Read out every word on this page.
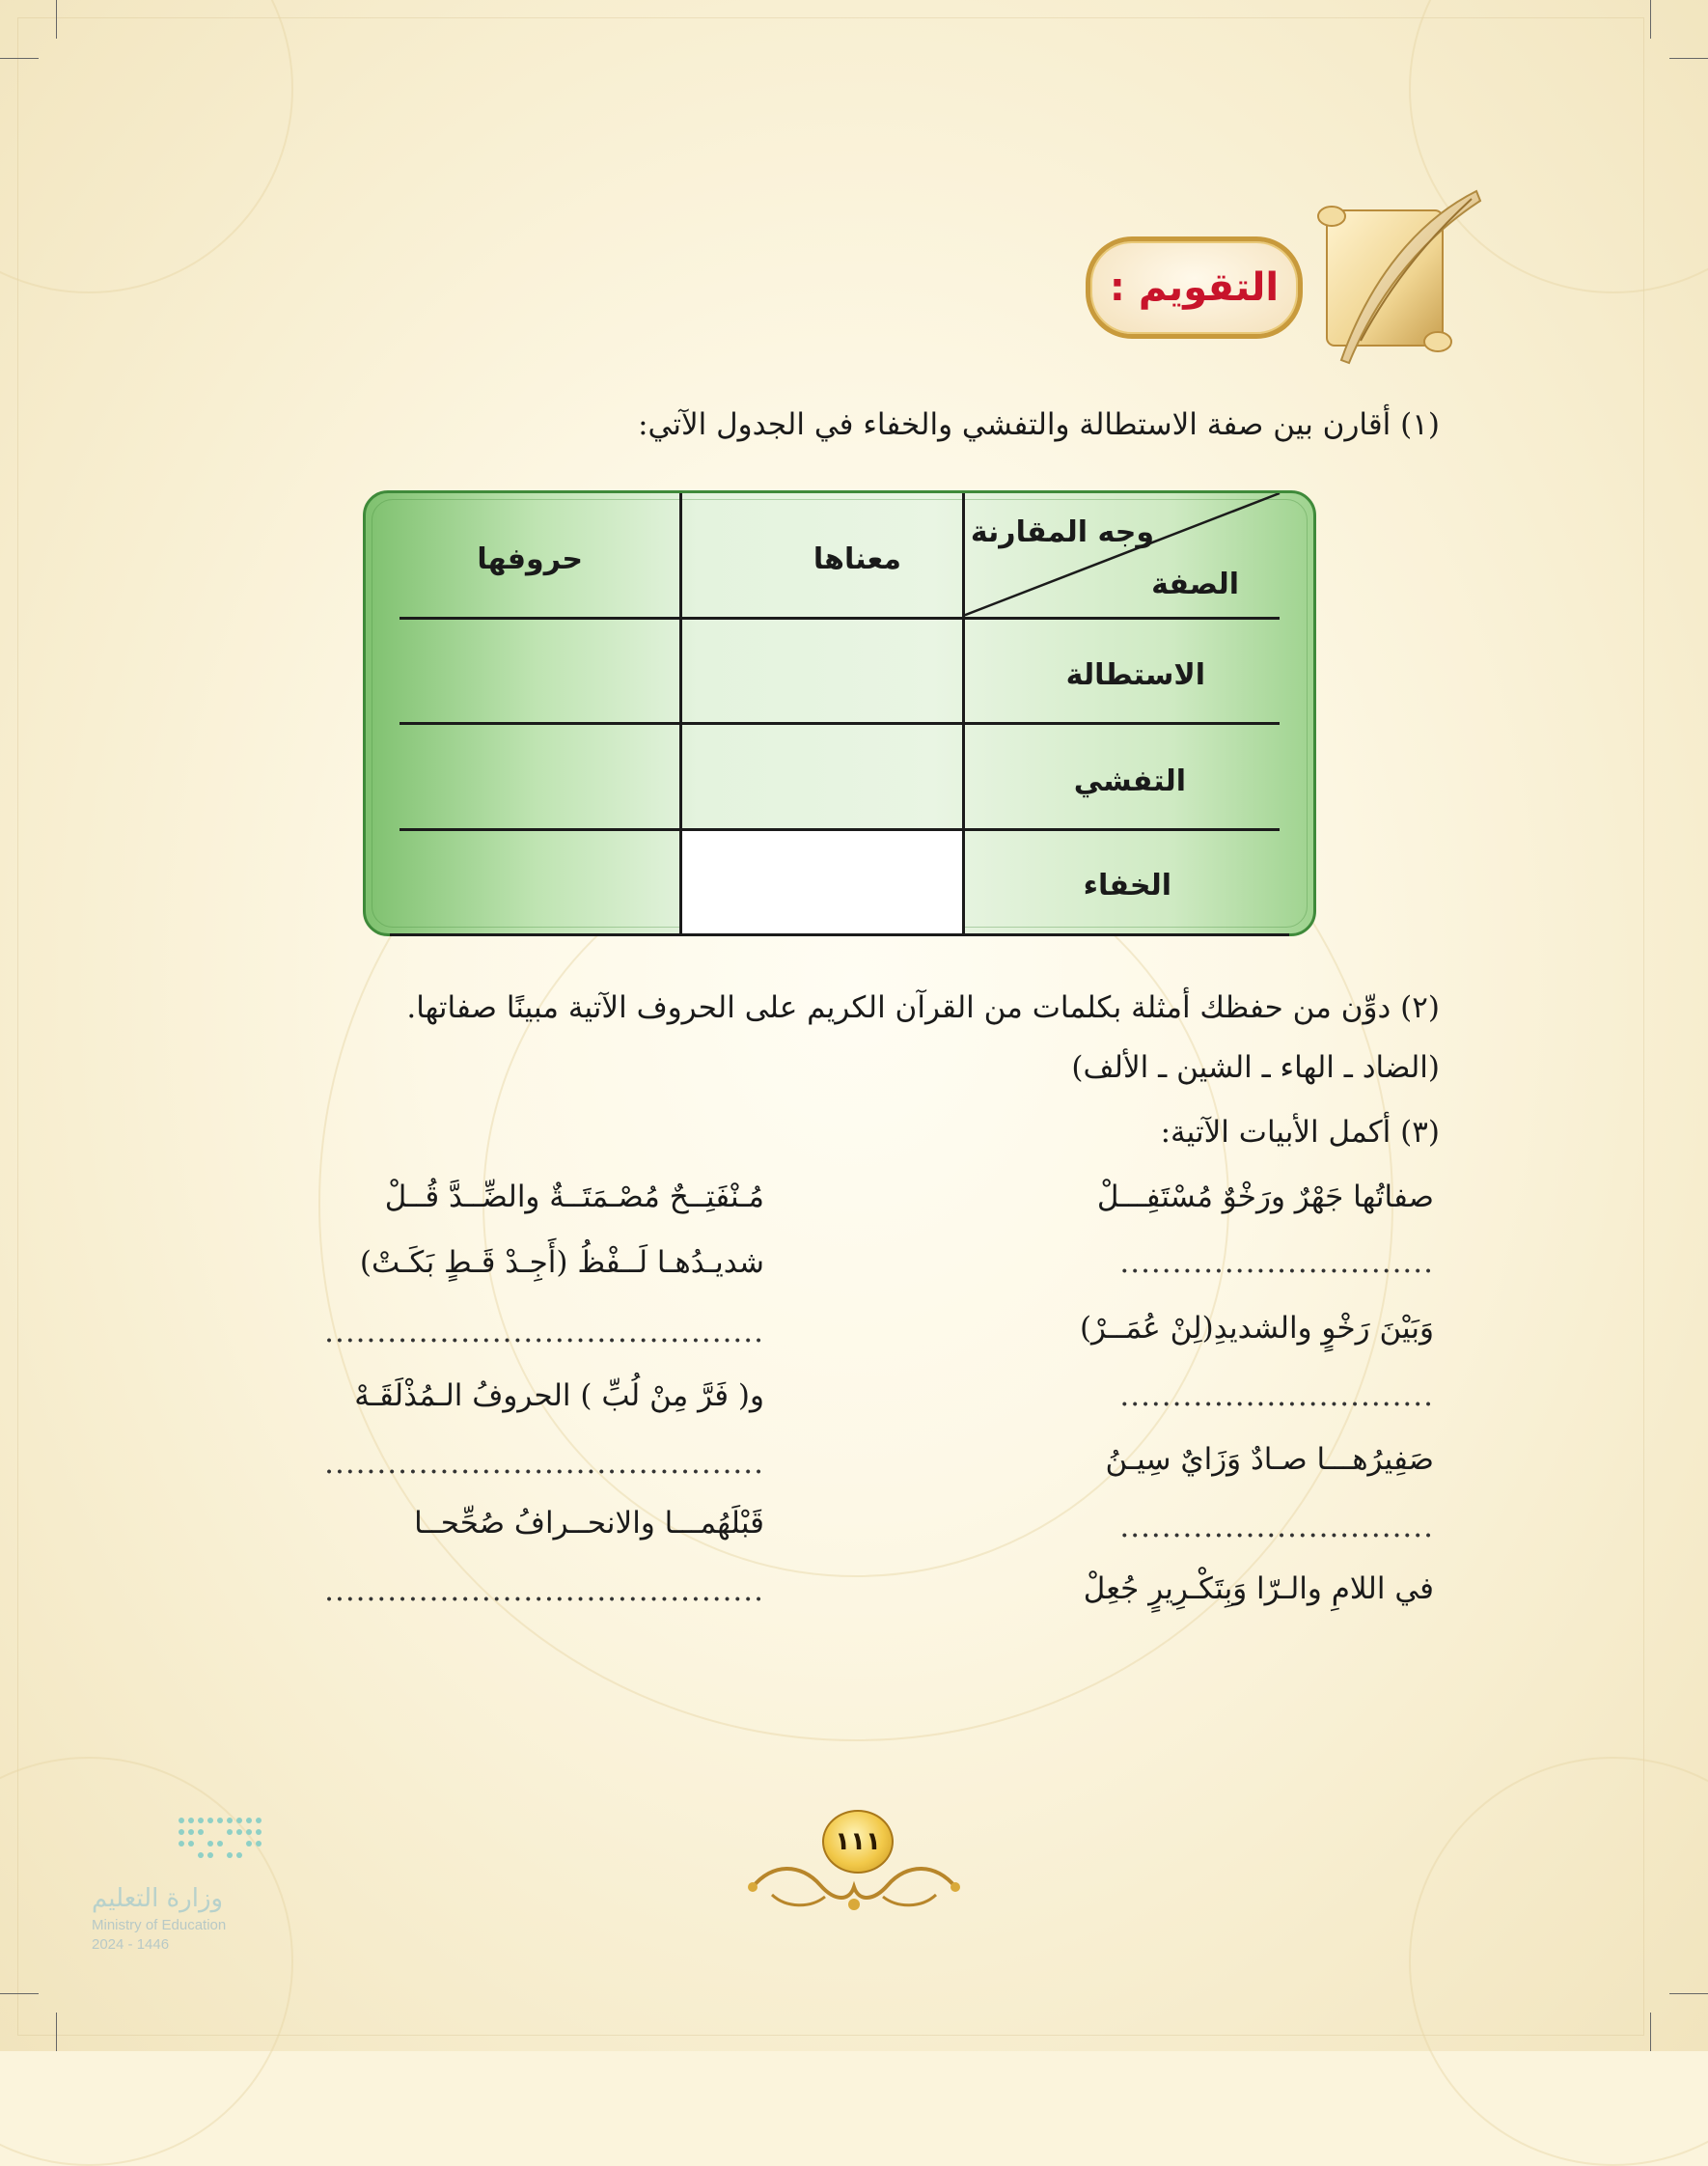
التقويم :
(١) أقارن بين صفة الاستطالة والتفشي والخفاء في الجدول الآتي:
وجه المقارنة
الصفة
معناها
حروفها
الاستطالة
التفشي
الخفاء
(٢) دوِّن من حفظك أمثلة بكلمات من القرآن الكريم على الحروف الآتية مبينًا صفاتها.
(الضاد ـ الهاء ـ الشين ـ الألف)
(٣) أكمل الأبيات الآتية:
صفاتُها جَهْرٌ ورَخْوٌ مُسْتَفِـــلْ
..............................
وَبَيْنَ رَخْوٍ والشديدِ(لِنْ عُمَــرْ)
..............................
صَفِيرُهـــا صـادٌ وَزَايٌ سِيـنُ
..............................
في اللامِ والـرّا وَبِتَكْـرِيرٍ جُعِلْ
مُـنْفَتِــحٌ مُصْـمَتَــةٌ والضِّــدَّ قُــلْ
شديـدُهـا لَــفْظُ (أَجِـدْ قَـطٍ بَكَـتْ)
..........................................
و( فَرَّ مِنْ لُبِّ ) الحروفُ الـمُذْلَقَـهْ
..........................................
قَبْلَهُمـــا والانحــرافُ صُحِّحــا
..........................................
١١١
وزارة التعليم
Ministry of Education
2024 - 1446
